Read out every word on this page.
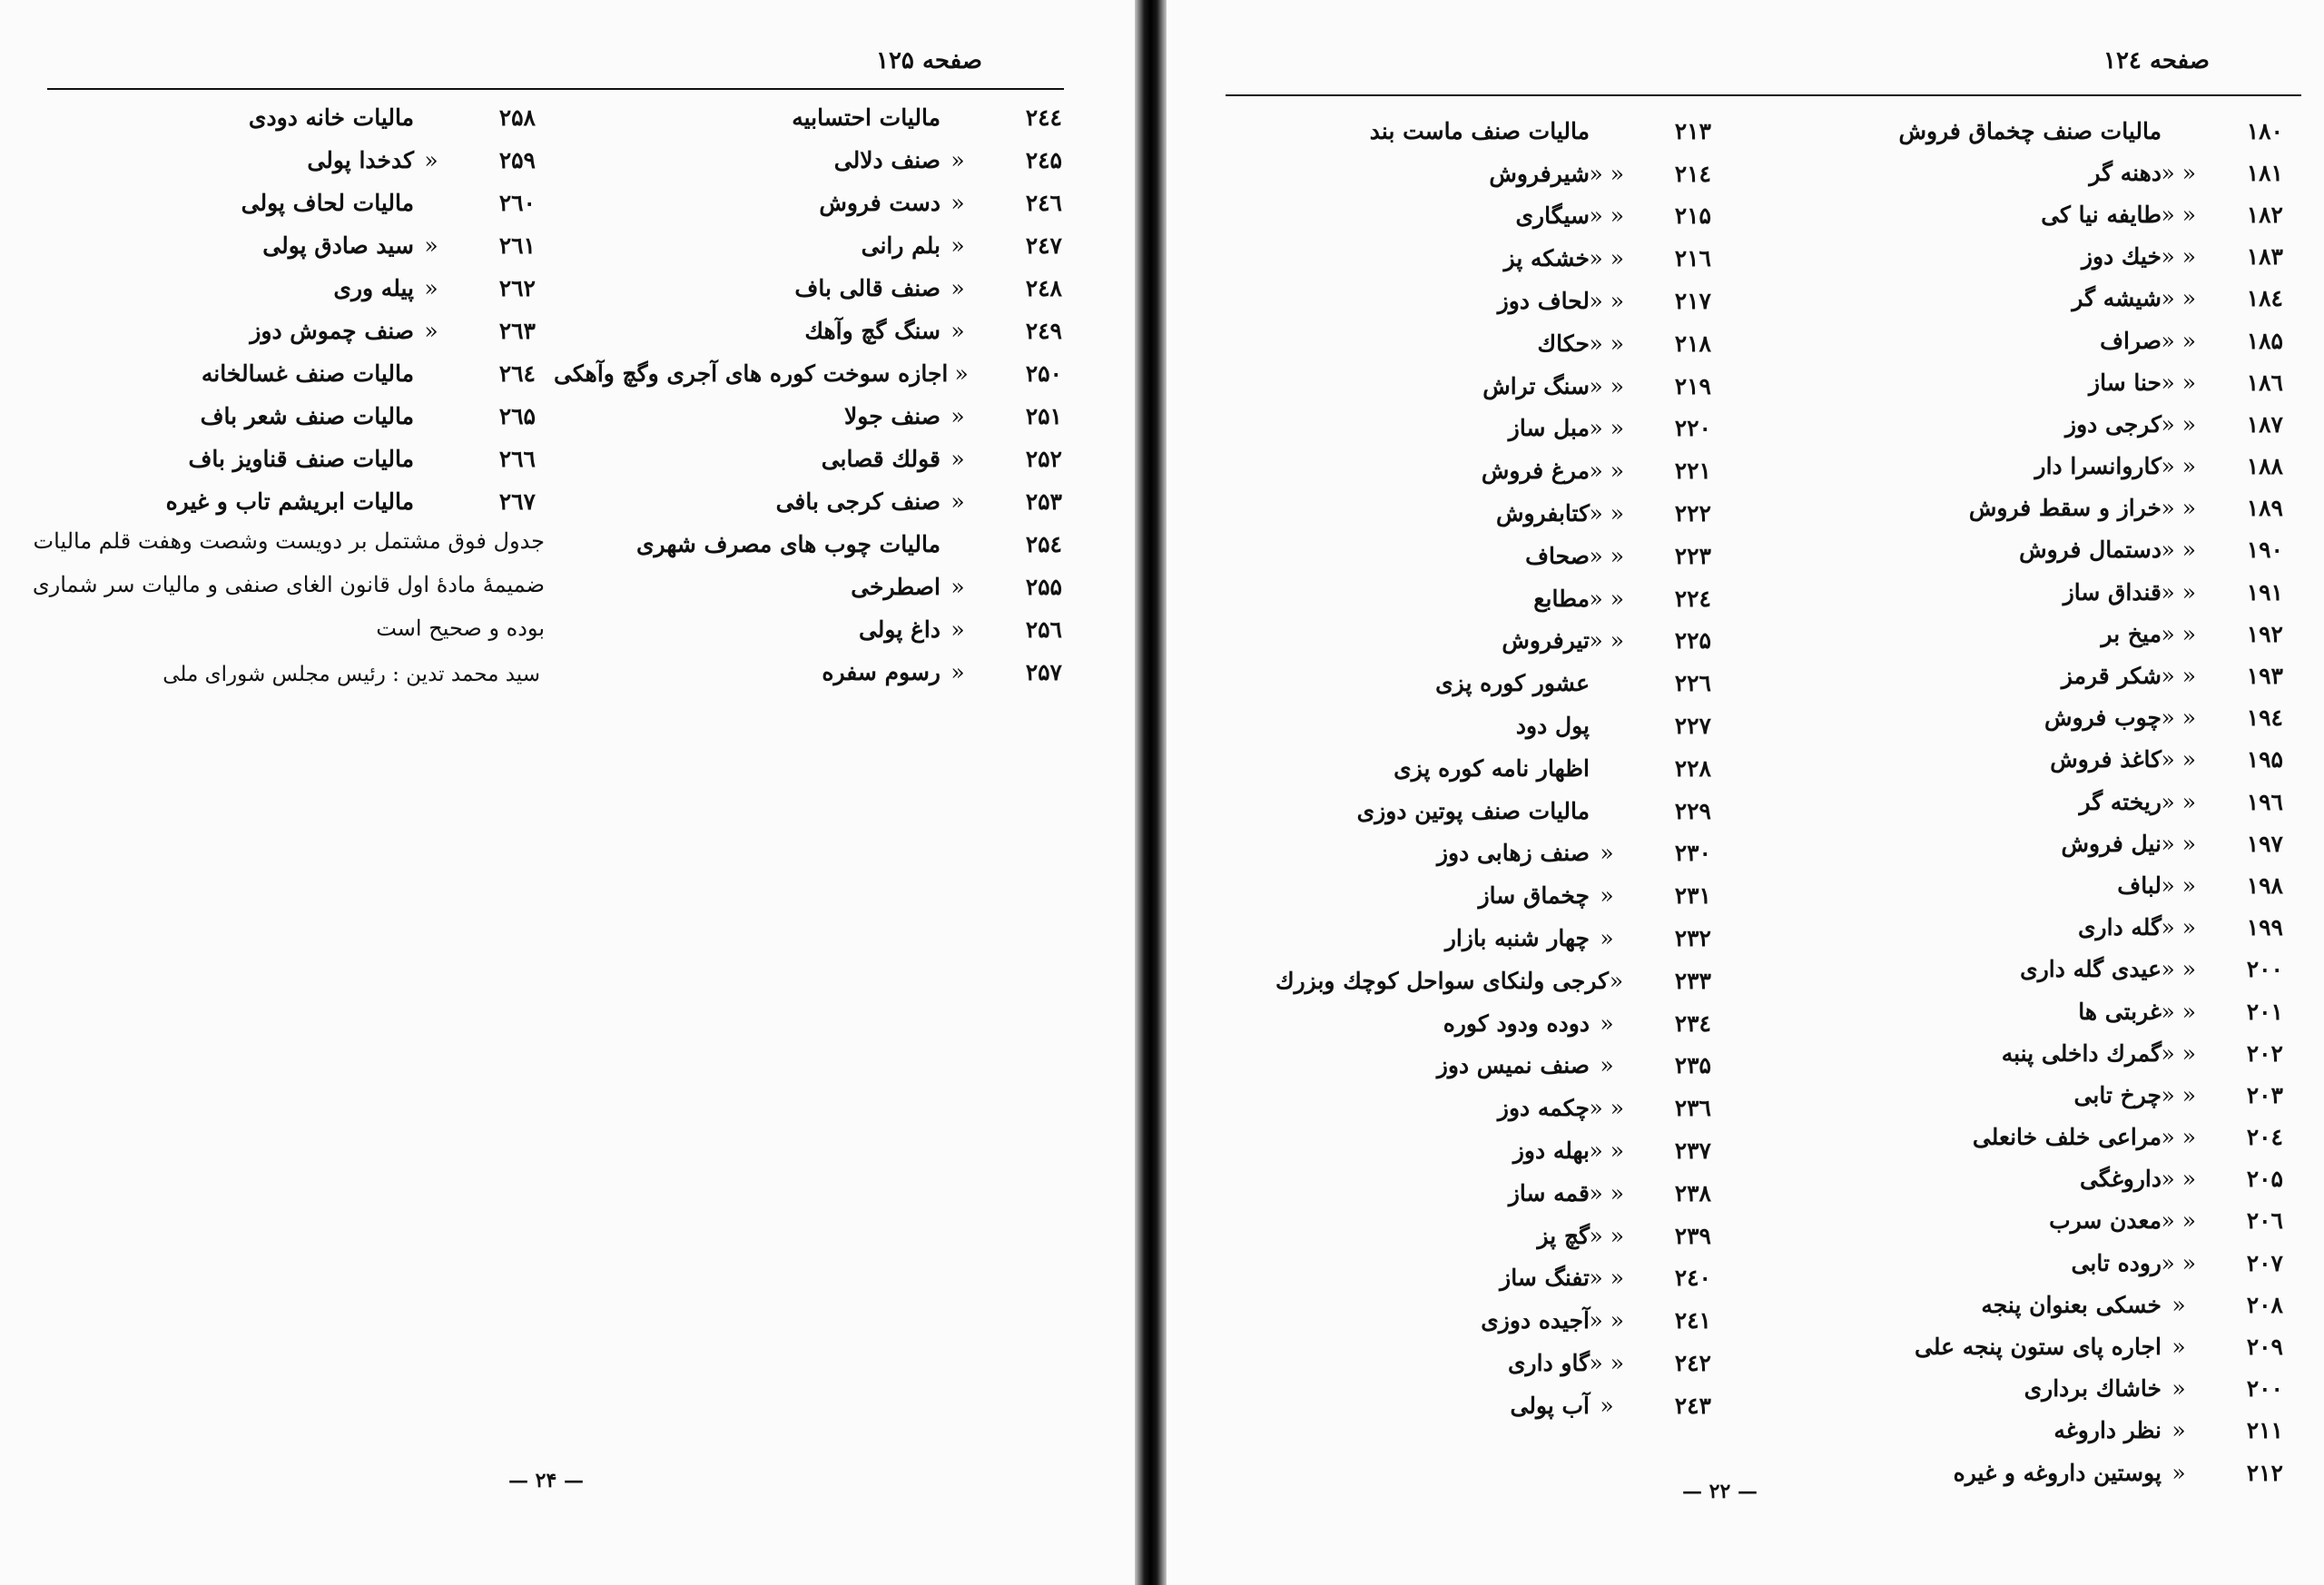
صفحه ۱۲۵
۲٤٤
مالیات احتسابیه
۲٤۵
«
صنف دلالی
۲٤٦
«
دست فروش
۲٤۷
«
بلم رانی
۲٤۸
«
صنف قالی باف
۲٤۹
«
سنگ گچ وآهك
۲۵۰
«
اجازه سوخت کوره های آجری وگچ وآهکی
۲۵۱
«
صنف جولا
۲۵۲
«
قولك قصابی
۲۵۳
«
صنف کرجی بافی
۲۵٤
مالیات چوب های مصرف شهری
۲۵۵
«
اصطرخی
۲۵٦
«
داغ پولی
۲۵۷
«
رسوم سفره
۲۵۸
مالیات خانه دودی
۲۵۹
«
کدخدا پولی
۲٦۰
مالیات لحاف پولی
۲٦۱
«
سید صادق پولی
۲٦۲
«
پیله وری
۲٦۳
«
صنف چموش دوز
۲٦٤
مالیات صنف غسالخانه
۲٦۵
مالیات صنف شعر باف
۲٦٦
مالیات صنف قناویز باف
۲٦۷
مالیات ابریشم تاب و غیره
جدول فوق مشتمل بر دویست وشصت وهفت قلم مالیات
ضمیمهٔ مادهٔ اول قانون الغای صنفی و مالیات سر شماری
بوده و صحیح است
سید محمد تدین : رئیس مجلس شورای ملی
— ۲۴ —
صفحه ۱۲٤
۱۸۰
مالیات صنف چخماق فروش
۱۸۱
« «
دهنه گر
۱۸۲
« «
طایفه نیا کی
۱۸۳
« «
خیك دوز
۱۸٤
« «
شیشه گر
۱۸۵
« «
صراف
۱۸٦
« «
حنا ساز
۱۸۷
« «
کرجی دوز
۱۸۸
« «
کاروانسرا دار
۱۸۹
« «
خراز و سقط فروش
۱۹۰
« «
دستمال فروش
۱۹۱
« «
قنداق ساز
۱۹۲
« «
میخ بر
۱۹۳
« «
شکر قرمز
۱۹٤
« «
چوب فروش
۱۹۵
« «
کاغذ فروش
۱۹٦
« «
ریخته گر
۱۹۷
« «
نیل فروش
۱۹۸
« «
لباف
۱۹۹
« «
گله داری
۲۰۰
« «
عیدی گله داری
۲۰۱
« «
غربتی ها
۲۰۲
« «
گمرك داخلی پنبه
۲۰۳
« «
چرخ تابی
۲۰٤
« «
مراعی خلف خانعلی
۲۰۵
« «
داروغگی
۲۰٦
« «
معدن سرب
۲۰۷
« «
روده تابی
۲۰۸
«
خسکی بعنوان پنجه
۲۰۹
«
اجاره پای ستون پنجه علی
۲۰۰
«
خاشاك برداری
۲۱۱
«
نظر داروغه
۲۱۲
«
پوستین داروغه و غیره
۲۱۳
مالیات صنف ماست بند
۲۱٤
« «
شیرفروش
۲۱۵
« «
سیگاری
۲۱٦
« «
خشکه پز
۲۱۷
« «
لحاف دوز
۲۱۸
« «
حکاك
۲۱۹
« «
سنگ تراش
۲۲۰
« «
مبل ساز
۲۲۱
« «
مرغ فروش
۲۲۲
« «
کتابفروش
۲۲۳
« «
صحاف
۲۲٤
« «
مطابع
۲۲۵
« «
تیرفروش
۲۲٦
عشور کوره پزی
۲۲۷
پول دود
۲۲۸
اظهار نامه کوره پزی
۲۲۹
مالیات صنف پوتین دوزی
۲۳۰
«
صنف زهابی دوز
۲۳۱
«
چخماق ساز
۲۳۲
«
چهار شنبه بازار
۲۳۳
«
کرجی ولنکای سواحل کوچك وبزرك
۲۳٤
«
دوده ودود کوره
۲۳۵
«
صنف نمیس دوز
۲۳٦
« «
چکمه دوز
۲۳۷
« «
بهله دوز
۲۳۸
« «
قمه ساز
۲۳۹
« «
گچ پز
۲٤۰
« «
تفنگ ساز
۲٤۱
« «
آجیده دوزی
۲٤۲
« «
گاو داری
۲٤۳
«
آب پولی
— ۲۲ —
